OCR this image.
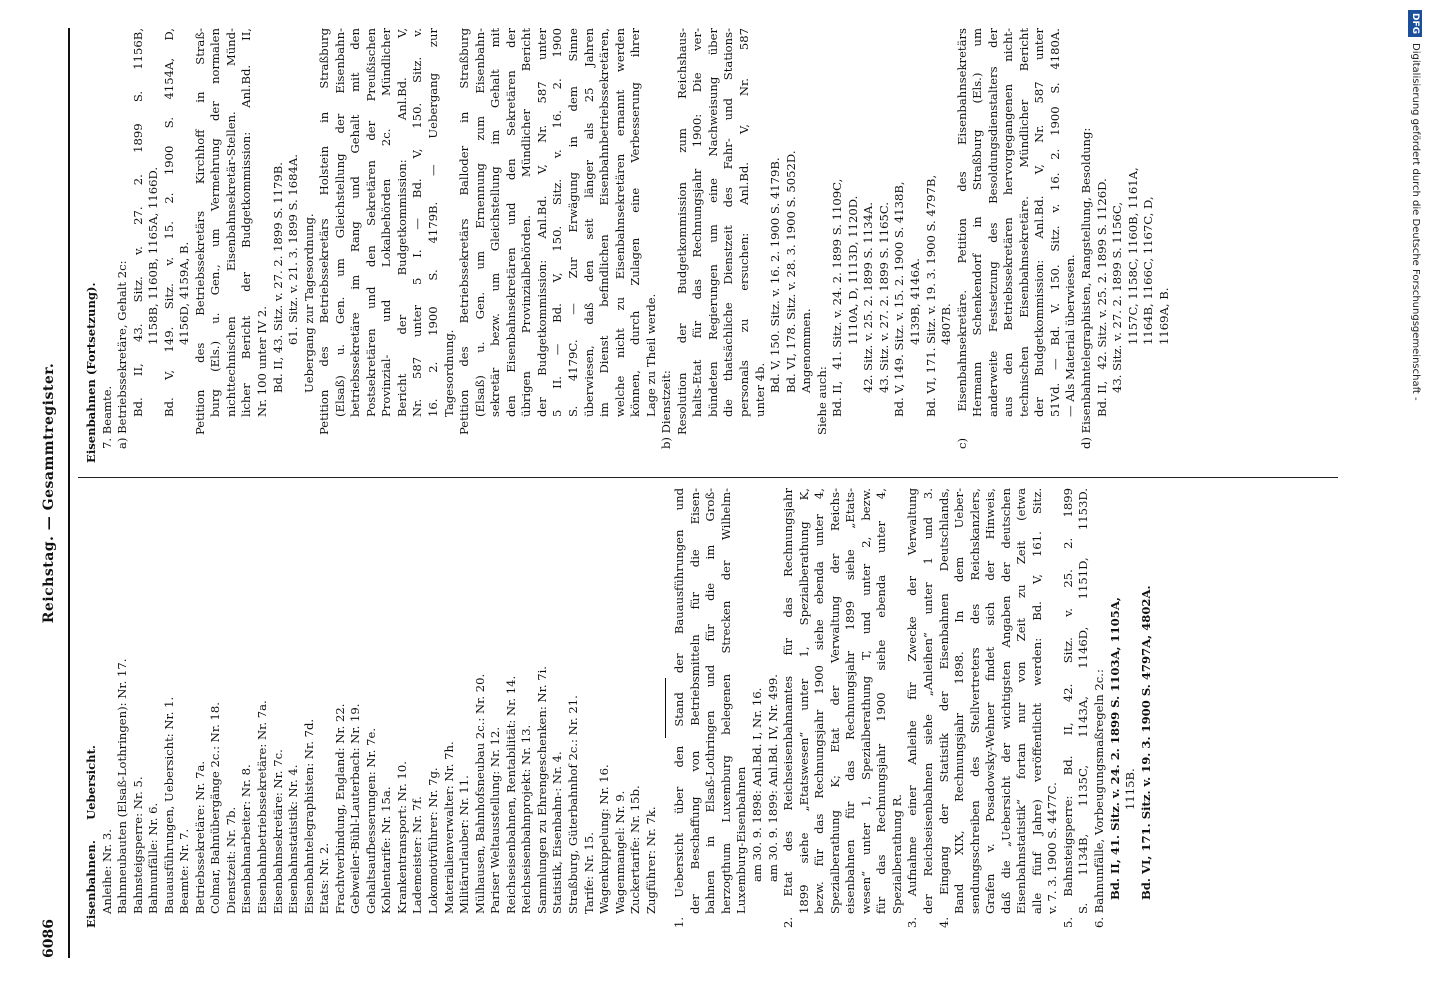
6086
Reichstag. — Gesammtregister.
Eisenbahnen.     Uebersicht. Anleihe: Nr. 3. Bahnneubauten (Elsaß-Lothringen): Nr. 17. Bahnsteigsperre: Nr. 5. Bahnunfälle: Nr. 6. Bauausführungen, Uebersicht: Nr. 1. Beamte: Nr. 7. Betriebssekretäre: Nr. 7a. Colmar, Bahnübergänge 2c.: Nr. 18. Dienstzeit: Nr. 7b. Eisenbahnarbeiter: Nr. 8. Eisenbahnbetriebssekretäre: Nr. 7a. Eisenbahnsekretäre: Nr. 7c. Eisenbahnstatistik: Nr. 4. Eisenbahntelegraphisten: Nr. 7d. Etats: Nr. 2. Frachtverbindung, England: Nr. 22. Gebweiler-Bühl-Lauterbach: Nr. 19. Gehaltsaufbesserungen: Nr. 7e. Kohlentarife: Nr. 15a. Krankentransport: Nr. 10. Lademeister: Nr. 7f. Lokomotivführer: Nr. 7g. Materialienverwalter: Nr. 7h. Militärurlauber: Nr. 11. Mülhausen, Bahnhofsneubau 2c.: Nr. 20. Pariser Weltausstellung: Nr. 12. Reichseisenbahnen, Rentabilität: Nr. 14. Reichseisenbahnprojekt: Nr. 13. Sammlungen zu Ehrengeschenken: Nr. 7i. Statistik, Eisenbahn-: Nr. 4. Straßburg, Güterbahnhof 2c.: Nr. 21. Tarife: Nr. 15. Wagenkuppelung: Nr. 16. Wagenmangel: Nr. 9. Zuckertarife: Nr. 15b. Zugführer: Nr. 7k. 1. Uebersicht über den Stand der Bauausführungen und der Beschaffung von Betriebsmitteln für die Eisen- bahnen in Elsaß-Lothringen und für die im Groß- herzogthum Luxemburg belegenen Strecken der Wilhelm- Luxemburg-Eisenbahnen am 30. 9. 1898: Anl.Bd. I, Nr. 16. am 30. 9. 1899: Anl.Bd. IV, Nr. 499. 2. Etat des Reichseisenbahnamtes für das Rechnungsjahr 1899 siehe „Etatswesen“ unter 1, Spezialberathung K, bezw. für das Rechnungsjahr 1900 siehe ebenda unter 4, Spezialberathung K; Etat der Verwaltung der Reichs- eisenbahnen für das Rechnungsjahr 1899 siehe „Etats- wesen“ unter 1, Spezialberathung T, und unter 2, bezw. für das Rechnungsjahr 1900 siehe ebenda unter 4, Spezialberathung R. 3. Aufnahme einer Anleihe für Zwecke der Verwaltung der Reichseisenbahnen siehe „Anleihen“ unter 1 und 3. 4. Eingang der Statistik der Eisenbahnen Deutschlands, Band XIX, Rechnungsjahr 1898. In dem Ueber- sendungsschreiben des Stellvertreters des Reichskanzlers, Grafen v. Posadowsky-Wehner findet sich der Hinweis, daß die „Uebersicht der wichtigsten Angaben der deutschen Eisenbahnstatistik“ fortan nur von Zeit zu Zeit (etwa alle fünf Jahre) veröffentlicht werden: Bd. V, 161. Sitz. v. 7. 3. 1900 S. 4477C. 5. Bahnsteigsperre: Bd. II, 42. Sitz. v. 25. 2. 1899 S. 1134B, 1135C, 1143A, 1146D, 1151D, 1153D. 6. Bahnunfälle, Vorbeugungsmaßregeln 2c.: Bd. II, 41. Sitz. v. 24. 2. 1899 S. 1103A, 1105A, 1115B. Bd. VI, 171. Sitz. v. 19. 3. 1900 S. 4797A, 4802A.
Eisenbahnen (Fortsetzung). 7. Beamte. a) Betriebssekretäre, Gehalt 2c: Bd. II, 43. Sitz. v. 27. 2. 1899 S. 1156B, 1158B, 1160B, 1165A, 1166D. Bd. V, 149. Sitz. v. 15. 2. 1900 S. 4154A, D, 4156D, 4159A, B. Petition des Betriebssekretärs Kirchhoff in Straß- burg (Els.) u. Gen., um Vermehrung der normalen nichttechnischen Eisenbahnsekretär-Stellen. Münd- licher Bericht der Budgetkommission: Anl.Bd. II, Nr. 100 unter IV 2. Bd. II, 43. Sitz. v. 27. 2. 1899 S. 1179B. 61. Sitz. v. 21. 3. 1899 S. 1684A. Uebergang zur Tagesordnung. Petition des Betriebssekretärs Holstein in Straßburg (Elsaß) u. Gen. um Gleichstellung der Eisenbahn- betriebssekretäre im Rang und Gehalt mit den Postsekretären und den Sekretären der Preußischen Provinzial- und Lokalbehörden 2c. Mündlicher Bericht der Budgetkommission: Anl.Bd. V, Nr. 587 unter 5 I. — Bd. V, 150. Sitz. v. 16. 2. 1900 S. 4179B. — Uebergang zur Tagesordnung. Petition des Betriebssekretärs Balloder in Straßburg (Elsaß) u. Gen. um Ernennung zum Eisenbahn- sekretär bezw. um Gleichstellung im Gehalt mit den Eisenbahnsekretären und den Sekretären der übrigen Provinzialbehörden. Mündlicher Bericht der Budgetkommission: Anl.Bd. V, Nr. 587 unter 5 II. — Bd. V, 150. Sitz. v. 16. 2. 1900 S. 4179C. — Zur Erwägung in dem Sinne überwiesen, daß den seit länger als 25 Jahren im Dienst befindlichen Eisenbahnbetriebssekretären, welche nicht zu Eisenbahnsekretären ernannt werden können, durch Zulagen eine Verbesserung ihrer Lage zu Theil werde. b) Dienstzeit: Resolution der Budgetkommission zum Reichshaus- halts-Etat für das Rechnungsjahr 1900: Die ver- bündeten Regierungen um eine Nachweisung über die thatsächliche Dienstzeit des Fahr- und Stations- personals zu ersuchen: Anl.Bd. V, Nr. 587 unter 4b. Bd. V, 150. Sitz. v. 16. 2. 1900 S. 4179B. Bd. VI, 178. Sitz. v. 28. 3. 1900 S. 5052D. Angenommen.
Siehe auch: Bd. II,   41. Sitz. v. 24. 2. 1899 S. 1109C, 1110A, D, 1113D, 1120D. 42. Sitz. v. 25. 2. 1899 S. 1134A. 43. Sitz. v. 27. 2. 1899 S. 1165C. Bd. V, 149. Sitz. v. 15. 2. 1900 S. 4138B, 4139B, 4146A. Bd. VI, 171. Sitz. v. 19. 3. 1900 S. 4797B, 4807B. c) Eisenbahnsekretäre. Petition des Eisenbahnsekretärs Hermann Schenkendorf in Straßburg (Els.) um anderweite Festsetzung des Besoldungsdienstalters der aus den Betriebssekretären hervorgegangenen nicht- technischen Eisenbahnsekretäre. Mündlicher Bericht der Budgetkommission: Anl.Bd. V, Nr. 587 unter 51Vd. — Bd. V. 150. Sitz. v. 16. 2. 1900 S. 4180A. — Als Material überwiesen. d) Eisenbahntelegraphisten, Rangstellung, Besoldung: Bd. II,   42. Sitz. v. 25. 2. 1899 S. 1126D. 43. Sitz. v. 27. 2. 1899 S. 1156C, 1157C, 1158C, 1160B, 1161A, 1164B, 1166C, 1167C, D, 1169A, B.
DFGDigitalisierung gefördert durch die Deutsche Forschungsgemeinschaft -
